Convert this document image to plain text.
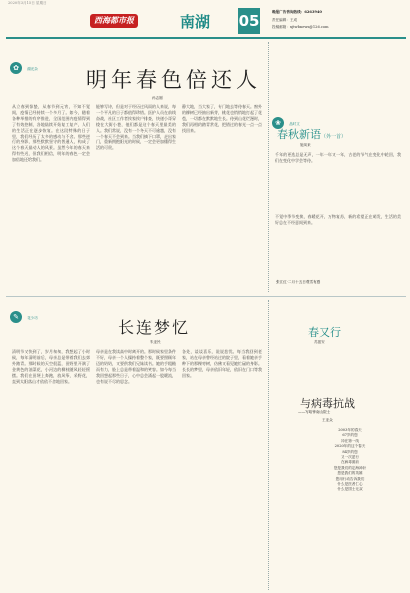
2020年3月15日 星期日
西海都市报	南湖 05	晚报广告咨询热线：6263940
责任编辑：王成
投稿邮箱：xjtwbnews@126.com
✿ 湖光杂 明年春色倍还人
孙志刚
从立春到惊蛰，从春节到元宵，不知不觉间，疫情已经持续一个多月了。如今，随着各种举措的有序推进，全国范围内疫情得到了有效控制，各地陆续开始复工复产，人们的生活正在逐步恢复。在这段特殊的日子里，我们经历了太多的感动与不舍。那些逆行的身影，那些默默坚守的普通人，构成了这个春天最动人的风景。虽然今年的春天来得有些迟，但我们相信，明年的春色一定会加倍地还给我们。
能够写诗，但是对于经历过风雨的人来说，每一个平凡的日子都值得珍惜。医护人员在前线奋战，社区工作者挨家挨户排查，快递小哥穿梭在大街小巷，他们都是这个春天里最美的人。我们常说，没有一个冬天不可逾越，没有一个春天不会到来。当我们摘下口罩，走出家门，重新拥抱阳光的时候，一定会更加懂得生活的可贵。
静大地，当大家了，专门地去等待春天。窗外的柳树已经抽出新芽，桃花也悄悄地打起了花苞，一切都在默默地生长。待到山花烂漫时，我们再相约踏青赏花，把错过的春光一点一点找回来。
❀ 品时文
春秋新语（外一首）
施凤来
千年的更迭总是无声，一年一年又一年，古老的节气在变化中轮回，我们在变化中学会等待。
不觉中季节变换，春暖花开，万物复苏，新的希望正在萌发，生活的美好总在不经意间到来。
张江红·二月十五日观雪有感
✎ 花少坊	长连梦忆
朱亚民
清明节又快到了，岁月匆匆，我想起了小时候，每年清明前后，母亲总是带着我们去郊外踏青。那时候的天空很蓝，田野里开满了金黄色的油菜花，小河边的柳枝随风轻轻摇摆。我们在田埂上奔跑，放风筝，采野花，直到太阳落山才依依不舍地回家。
母亲是在我读高中时离开的。那时候家里条件不好，母亲一个人操持着整个家，既要照顾年迈的奶奶，又要供我们兄妹读书。她的手粗糙而有力，脸上总是带着温和的笑容。如今每当我回想起那些日子，心中总会涌起一股暖流，也有说不尽的思念。
各处，谈谈喜乐，说说悲忧。每当我回到老家，站在母亲曾经站过的院子里，看着她亲手种下的那棵枣树，仿佛又看见她忙碌的身影。长长的梦里，母亲依旧年轻，依旧在门口等我回家。
春又行
苏振安
与病毒抗战
——写给钟南山院士
王亚众
2003年的春天
67岁的您
冲在第一线
2020年的这个春天
84岁的您
又一次逆行
在病毒面前
您是我们的定海神针
您是我们的英雄
您用行动告诉我们
什么是医者仁心
什么是国士无双
